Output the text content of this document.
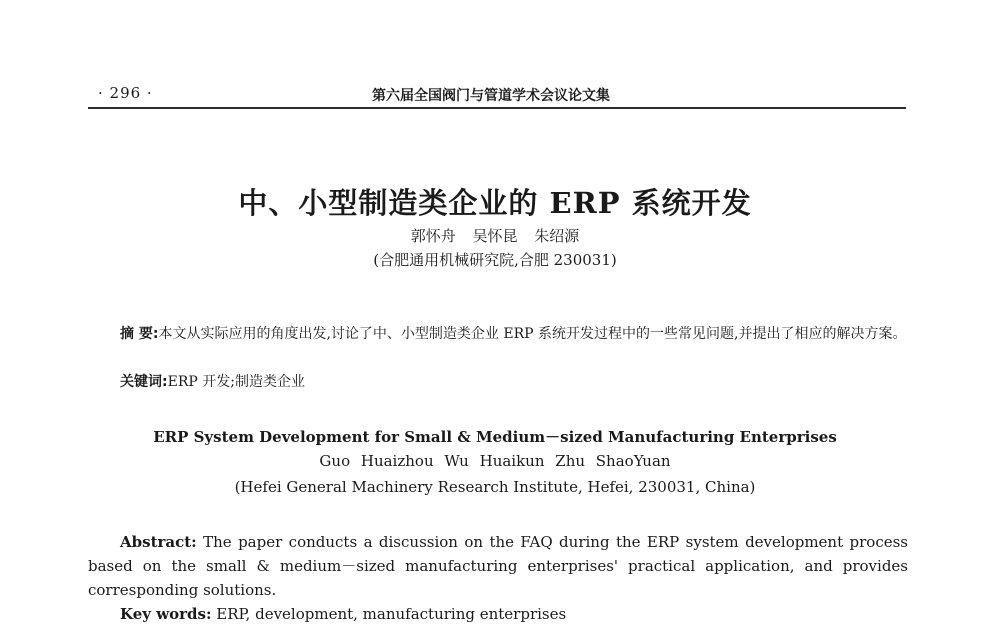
· 296 ·	第六届全国阀门与管道学术会议论文集
中、小型制造类企业的 ERP 系统开发
郭怀舟 吴怀昆 朱绍源
(合肥通用机械研究院,合肥 230031)
摘 要:本文从实际应用的角度出发,讨论了中、小型制造类企业 ERP 系统开发过程中的一些常见问题,并提出了相应的解决方案。
关键词:ERP 开发;制造类企业
ERP System Development for Small & Medium－sized Manufacturing Enterprises
Guo Huaizhou Wu Huaikun Zhu ShaoYuan
(Hefei General Machinery Research Institute, Hefei, 230031, China)
Abstract: The paper conducts a discussion on the FAQ during the ERP system development process based on the small & medium－sized manufacturing enterprises' practical application, and provides corresponding solutions.
Key words: ERP, development, manufacturing enterprises
